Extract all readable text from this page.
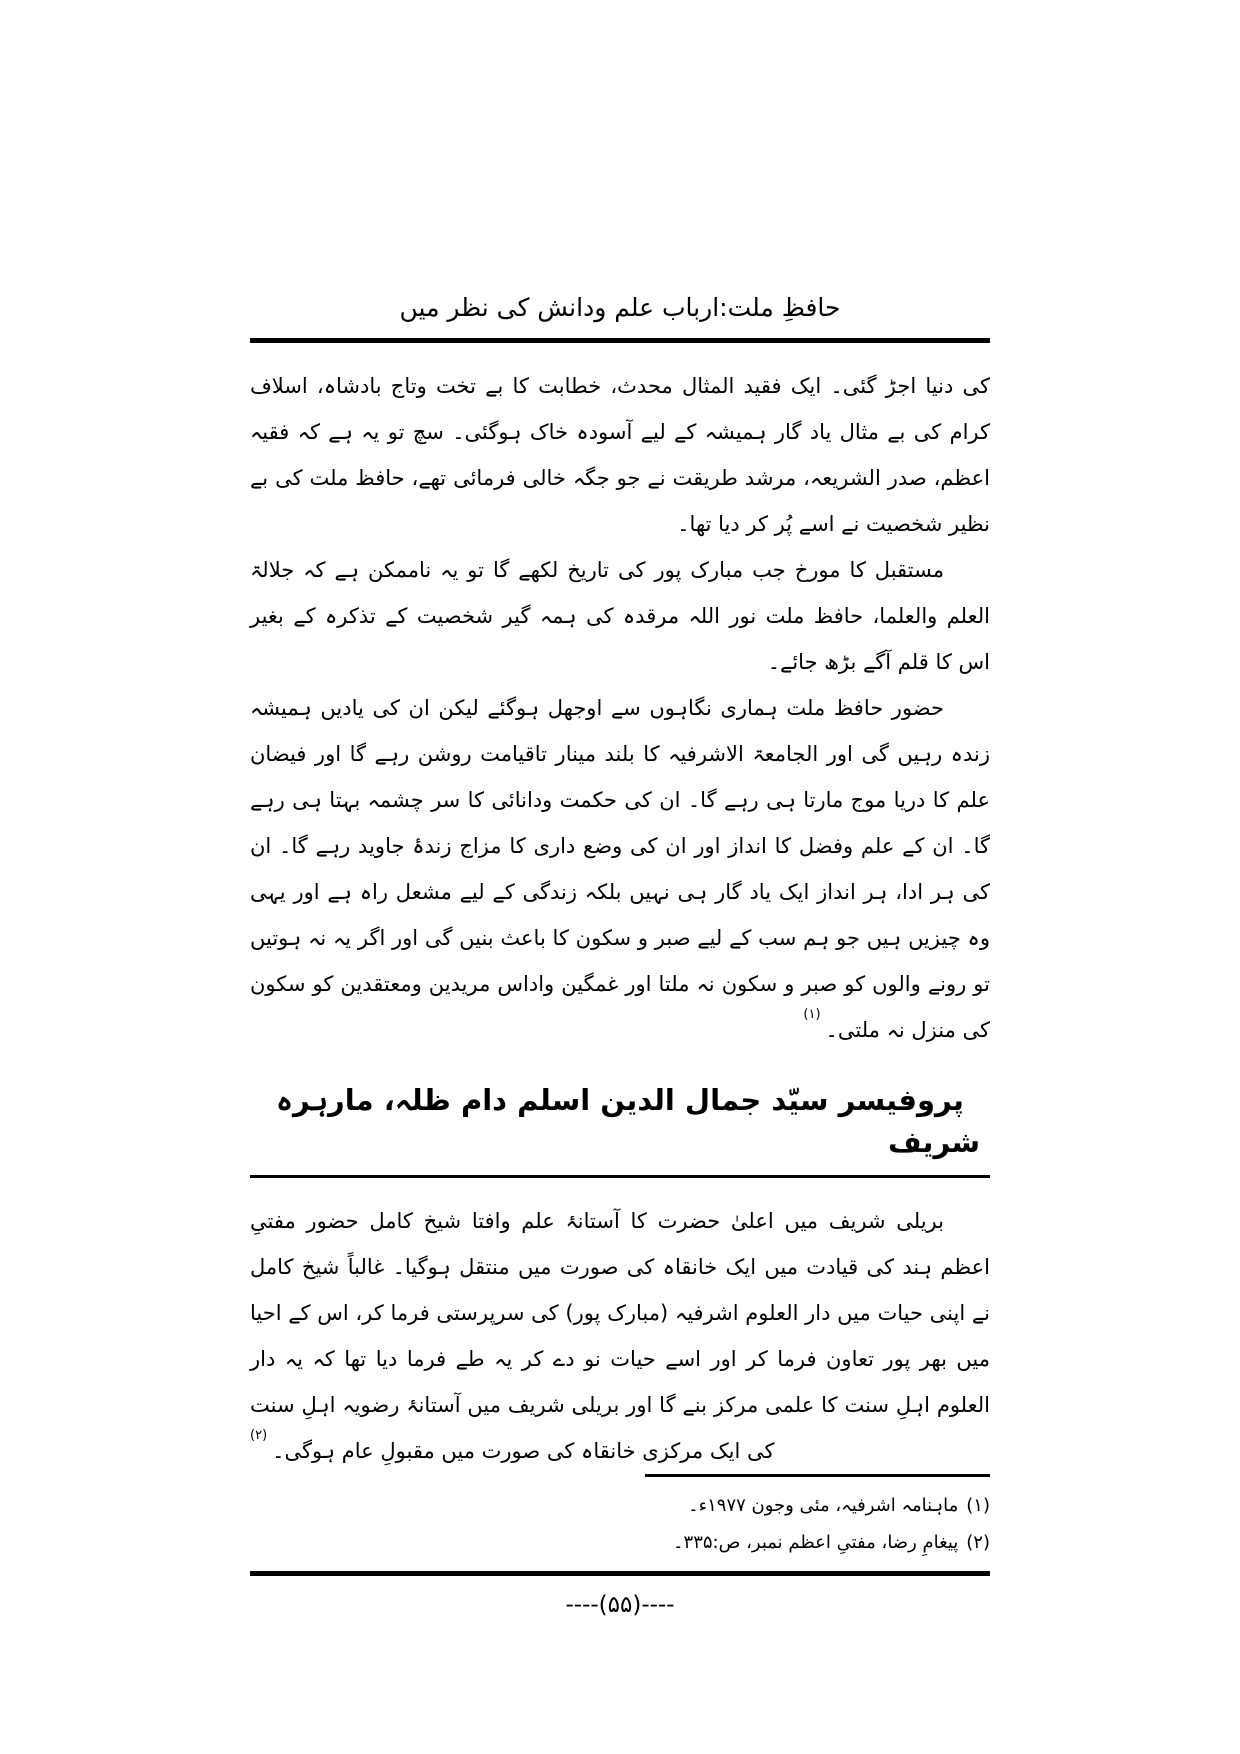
حافظِ ملت:ارباب علم ودانش کی نظر میں

کی دنیا اجڑ گئی۔ ایک فقید المثال محدث، خطابت کا بے تخت وتاج بادشاہ، اسلاف کرام کی بے مثال یاد گار ہمیشہ کے لیے آسودہ خاک ہوگئی۔ سچ تو یہ ہے کہ فقیہ اعظم، صدر الشریعہ، مرشد طریقت نے جو جگہ خالی فرمائی تھے، حافظ ملت کی بے نظیر شخصیت نے اسے پُر کر دیا تھا۔

مستقبل کا مورخ جب مبارک پور کی تاریخ لکھے گا تو یہ ناممکن ہے کہ جلالۃ العلم والعلما، حافظ ملت نور اللہ مرقدہ کی ہمہ گیر شخصیت کے تذکرہ کے بغیر اس کا قلم آگے بڑھ جائے۔

حضور حافظ ملت ہماری نگاہوں سے اوجھل ہوگئے لیکن ان کی یادیں ہمیشہ زندہ رہیں گی اور الجامعۃ الاشرفیہ کا بلند مینار تاقیامت روشن رہے گا اور فیضان علم کا دریا موج مارتا ہی رہے گا۔ ان کی حکمت ودانائی کا سر چشمہ بہتا ہی رہے گا۔ ان کے علم وفضل کا انداز اور ان کی وضع داری کا مزاج زندۂ جاوید رہے گا۔ ان کی ہر ادا، ہر انداز ایک یاد گار ہی نہیں بلکہ زندگی کے لیے مشعل راہ ہے اور یہی وہ چیزیں ہیں جو ہم سب کے لیے صبر و سکون کا باعث بنیں گی اور اگر یہ نہ ہوتیں تو رونے والوں کو صبر و سکون نہ ملتا اور غمگین واداس مریدین ومعتقدین کو سکون کی منزل نہ ملتی۔$^{(۱)}$

پروفیسر سیّد جمال الدین اسلم دام ظلہ، مارہرہ شریف

بریلی شریف میں اعلیٰ حضرت کا آستانۂ علم وافتا شیخ کامل حضور مفتیِ اعظم ہند کی قیادت میں ایک خانقاہ کی صورت میں منتقل ہوگیا۔ غالباً شیخ کامل نے اپنی حیات میں دار العلوم اشرفیہ (مبارک پور) کی سرپرستی فرما کر، اس کے احیا میں بھر پور تعاون فرما کر اور اسے حیات نو دے کر یہ طے فرما دیا تھا کہ یہ دار العلوم اہلِ سنت کا علمی مرکز بنے گا اور بریلی شریف میں آستانۂ رضویہ اہلِ سنت کی ایک مرکزی خانقاہ کی صورت میں مقبولِ عام ہوگی۔$^{(۲)}$

(۱)ماہنامہ اشرفیہ، مئی وجون ۱۹۷۷ء۔
(۲)پیغامِ رضا، مفتیِ اعظم نمبر، ص:۳۳۵۔
----(۵۵)----
